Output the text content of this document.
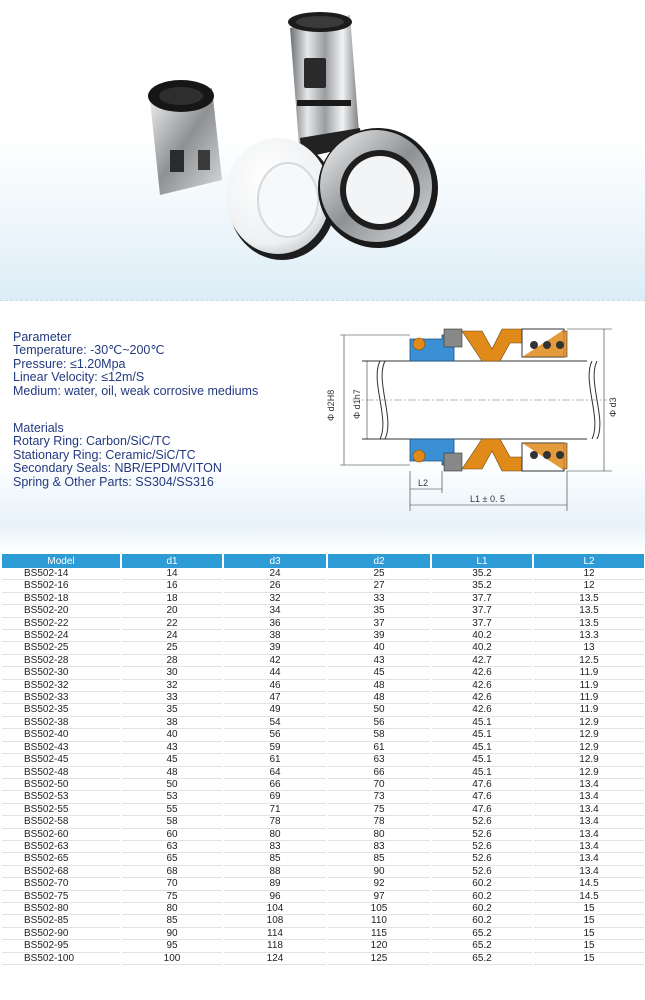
Parameter
Temperature: -30℃~200℃
Pressure: ≤1.20Mpa
Linear Velocity: ≤12m/S
Medium: water, oil, weak corrosive mediums
Materials
Rotary Ring: Carbon/SiC/TC
Stationary Ring: Ceramic/SiC/TC
Secondary Seals: NBR/EPDM/VITON
Spring & Other Parts: SS304/SS316
Φ d2H8 Φ d1h7	Φ d3
L2
L1 ± 0. 5
Model	d1	d3	d2	L1	L2
BS502-14	14	24	25	35.2	12
BS502-16	16	26	27	35.2	12
BS502-18	18	32	33	37.7	13.5
BS502-20	20	34	35	37.7	13.5
BS502-22	22	36	37	37.7	13.5
BS502-24	24	38	39	40.2	13.3
BS502-25	25	39	40	40.2	13
BS502-28	28	42	43	42.7	12.5
BS502-30	30	44	45	42.6	11.9
BS502-32	32	46	48	42.6	11.9
BS502-33	33	47	48	42.6	11.9
BS502-35	35	49	50	42.6	11.9
BS502-38	38	54	56	45.1	12.9
BS502-40	40	56	58	45.1	12.9
BS502-43	43	59	61	45.1	12.9
BS502-45	45	61	63	45.1	12.9
BS502-48	48	64	66	45.1	12.9
BS502-50	50	66	70	47.6	13.4
BS502-53	53	69	73	47.6	13.4
BS502-55	55	71	75	47.6	13.4
BS502-58	58	78	78	52.6	13.4
BS502-60	60	80	80	52.6	13.4
BS502-63	63	83	83	52.6	13.4
BS502-65	65	85	85	52.6	13.4
BS502-68	68	88	90	52.6	13.4
BS502-70	70	89	92	60.2	14.5
BS502-75	75	96	97	60.2	14.5
BS502-80	80	104	105	60.2	15
BS502-85	85	108	110	60.2	15
BS502-90	90	114	115	65.2	15
BS502-95	95	118	120	65.2	15
BS502-100	100	124	125	65.2	15
